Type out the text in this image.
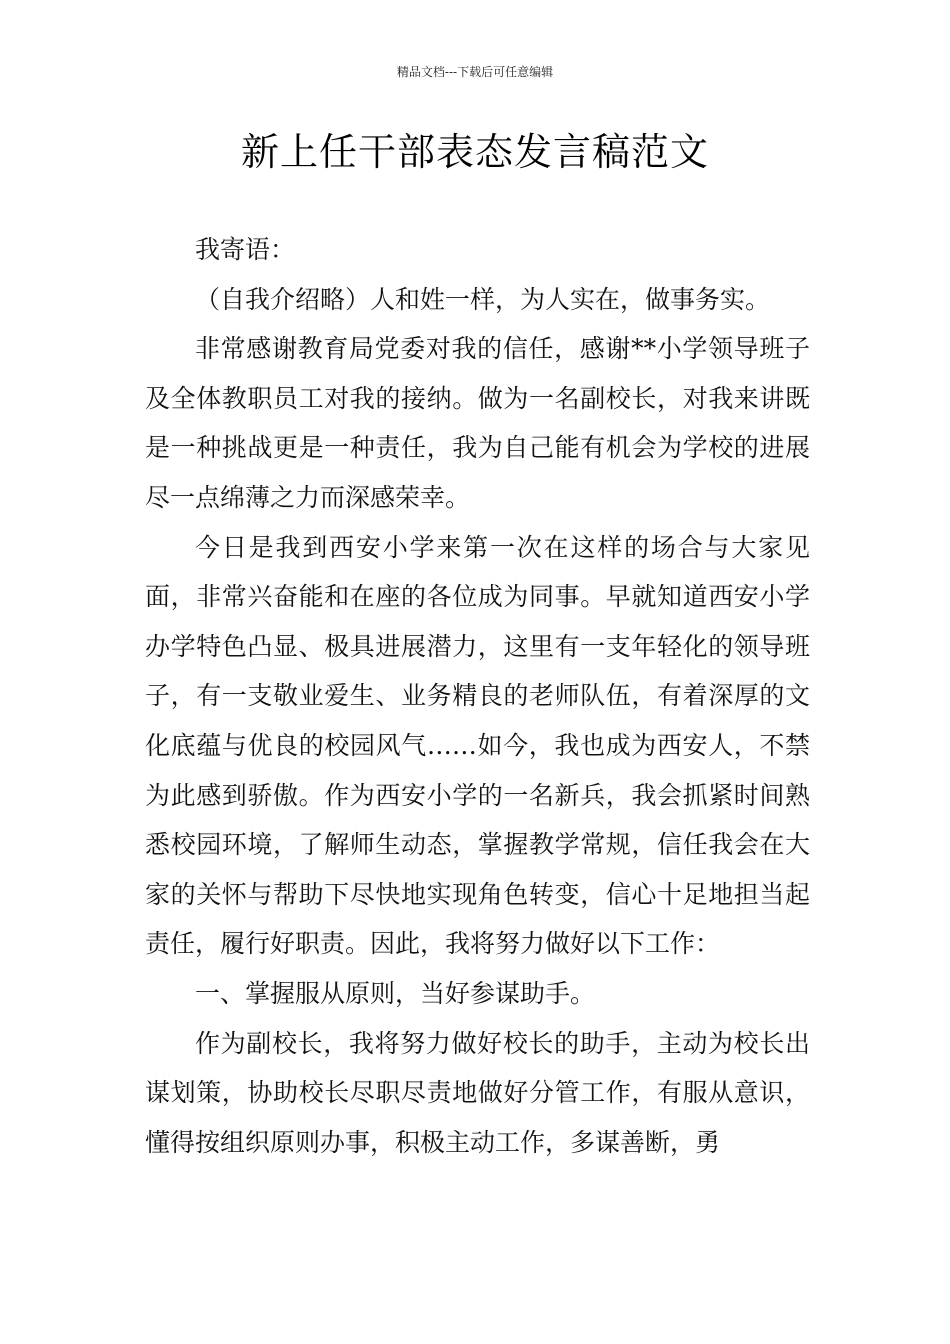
精品文档---下载后可任意编辑
新上任干部表态发言稿范文

我寄语：

（自我介绍略）人和姓一样，为人实在，做事务实。

非常感谢教育局党委对我的信任，感谢**小学领导班子及全体教职员工对我的接纳。做为一名副校长，对我来讲既是一种挑战更是一种责任，我为自己能有机会为学校的进展尽一点绵薄之力而深感荣幸。

今日是我到西安小学来第一次在这样的场合与大家见面，非常兴奋能和在座的各位成为同事。早就知道西安小学办学特色凸显、极具进展潜力，这里有一支年轻化的领导班子，有一支敬业爱生、业务精良的老师队伍，有着深厚的文化底蕴与优良的校园风气……如今，我也成为西安人，不禁为此感到骄傲。作为西安小学的一名新兵，我会抓紧时间熟悉校园环境，了解师生动态，掌握教学常规，信任我会在大家的关怀与帮助下尽快地实现角色转变，信心十足地担当起责任，履行好职责。因此，我将努力做好以下工作：

一、掌握服从原则，当好参谋助手。

作为副校长，我将努力做好校长的助手，主动为校长出谋划策，协助校长尽职尽责地做好分管工作，有服从意识，懂得按组织原则办事，积极主动工作，多谋善断，勇
